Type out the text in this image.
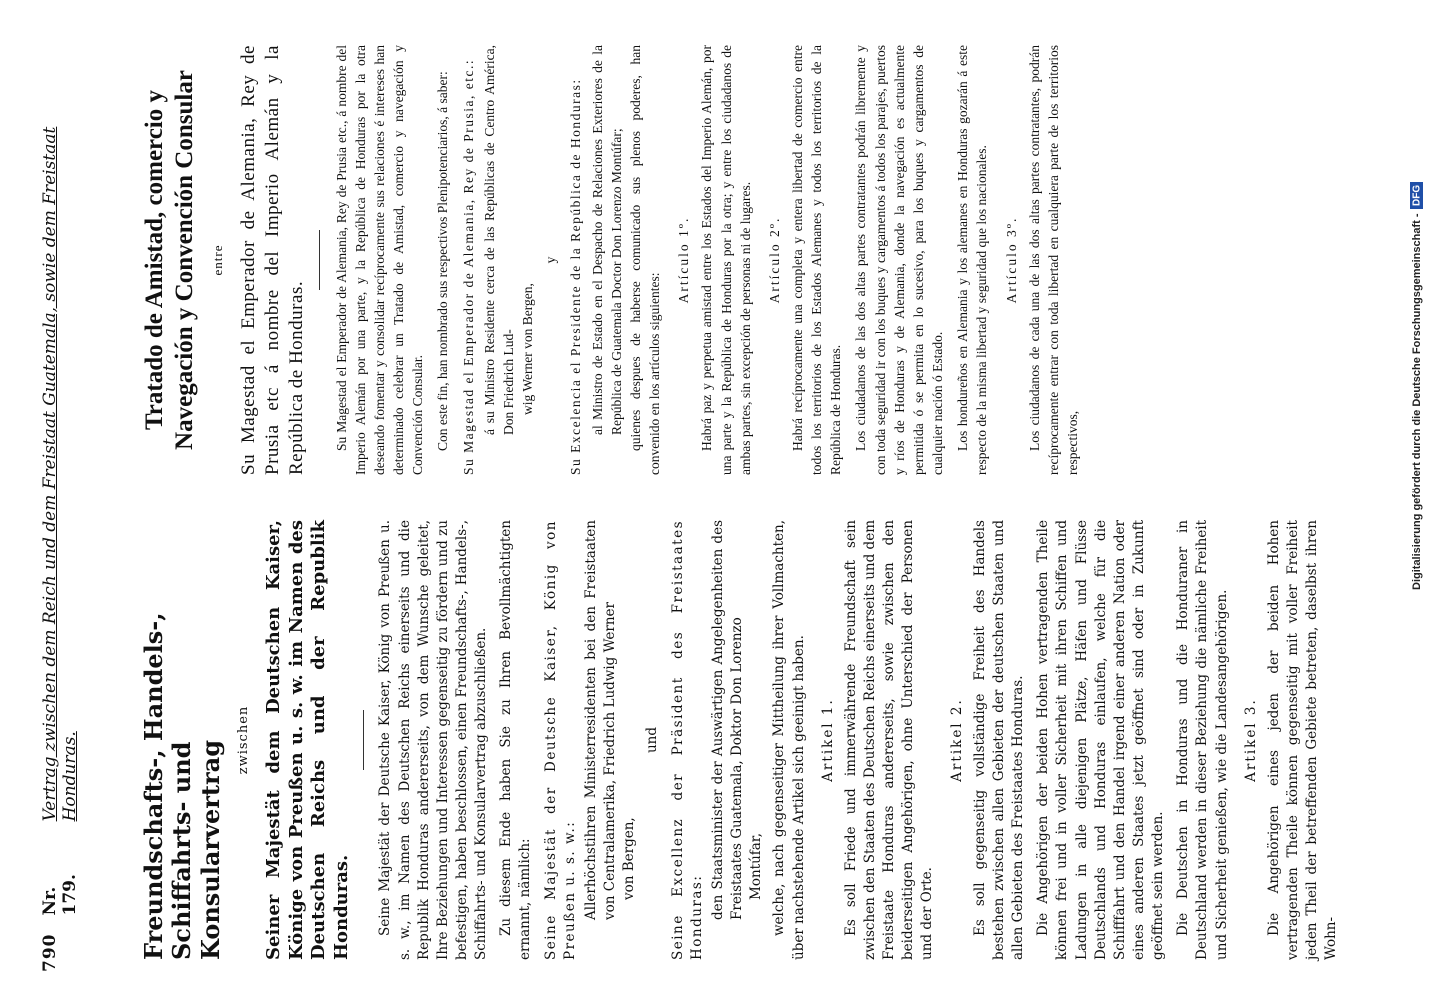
790
Nr. 179.
Vertrag zwischen dem Reich und dem Freistaat Guatemala, sowie dem Freistaat Honduras. Freundschafts-, Handels-, Schiffahrts- und Konsularvertrag
zwischen Seiner Majestät dem Deutschen Kaiser, Könige von Preußen u. s. w. im Namen des Deutschen Reichs und der Republik Honduras. Seine Majestät der Deutsche Kaiser, König von Preußen u. s. w., im Namen des Deutschen Reichs einerseits und die Republik Honduras andererseits, von dem Wunsche geleitet, Ihre Beziehungen und Interessen gegenseitig zu fördern und zu befestigen, haben beschlossen, einen Freundschafts-, Handels-, Schiffahrts- und Konsularvertrag abzuschließen. Zu diesem Ende haben Sie zu Ihren Bevollmächtigten ernannt, nämlich: Seine Majestät der Deutsche Kaiser, König von Preußen u. s. w.: Allerhöchstihren Ministerresidenten bei den Freistaaten von Centralamerika, Friedrich Ludwig Werner von Bergen,

und Seine Excellenz der Präsident des Freistaates Honduras: den Staatsminister der Auswärtigen Angelegenheiten des Freistaates Guatemala, Doktor Don Lorenzo Montúfar, welche, nach gegenseitiger Mittheilung ihrer Vollmachten, über nachstehende Artikel sich geeinigt haben. Artikel 1. Es soll Friede und immerwährende Freundschaft sein zwischen den Staaten des Deutschen Reichs einerseits und dem Freistaate Honduras andererseits, sowie zwischen den beiderseitigen Angehörigen, ohne Unterschied der Personen und der Orte.

Artikel 2. Es soll gegenseitig vollständige Freiheit des Handels bestehen zwischen allen Gebieten der deutschen Staaten und allen Gebieten des Freistaates Honduras. Die Angehörigen der beiden Hohen vertragenden Theile können frei und in voller Sicherheit mit ihren Schiffen und Ladungen in alle diejenigen Plätze, Häfen und Flüsse Deutschlands und Honduras einlaufen, welche für die Schifffahrt und den Handel irgend einer anderen Nation oder eines anderen Staates jetzt geöffnet sind oder in Zukunft geöffnet sein werden. Die Deutschen in Honduras und die Honduraner in Deutschland werden in dieser Beziehung die nämliche Freiheit und Sicherheit genießen, wie die Landesangehörigen. Artikel 3. Die Angehörigen eines jeden der beiden Hohen vertragenden Theile können gegenseitig mit voller Freiheit jeden Theil der betreffenden Gebiete betreten, daselbst ihren Wohn-

Tratado de Amistad, comercio y Navegación y Convención Consular entre Su Magestad el Emperador de Alemania, Rey de Prusia etc á nombre del Imperio Alemán y la República de Honduras. Su Magestad el Emperador de Alemania, Rey de Prusia etc., á nombre del Imperio Alemán por una parte, y la República de Honduras por la otra deseando fomentar y consolidar recíprocamente sus relaciones é intereses han determinado celebrar un Tratado de Amistad, comercio y navegación y Convención Consular. Con este fin, han nombrado sus respectivos Plenipotenciarios, á saber: Su Magestad el Emperador de Alemania, Rey de Prusia, etc.: á su Ministro Residente cerca de las Repúblicas de Centro América, Don Friedrich Lud- wig Werner von Bergen,

y Su Excelencia el Presidente de la República de Honduras: al Ministro de Estado en el Despacho de Relaciones Exteriores de la República de Guatemala Doctor Don Lorenzo Montúfar; quienes despues de haberse comunicado sus plenos poderes, han convenido en los artículos siguientes:

Artículo 1º. Habrá paz y perpetua amistad entre los Estados del Imperio Alemán, por una parte y la República de Honduras por la otra; y entre los ciudadanos de ambas partes, sin excepción de personas ni de lugares. Artículo 2º. Habrá recíprocamente una completa y entera libertad de comercio entre todos los territorios de los Estados Alemanes y todos los territorios de la República de Honduras. Los ciudadanos de las dos altas partes contratantes podrán libremente y con toda seguridad ir con los buques y cargamentos á todos los parajes, puertos y ríos de Honduras y de Alemania, donde la navegación es actualmente permitida ó se permita en lo sucesivo, para los buques y cargamentos de cualquier nación ó Estado. Los hondureños en Alemania y los alemanes en Honduras gozarán á este respecto de la misma libertad y seguridad que los nacionales. Artículo 3º. Los ciudadanos de cada una de las dos altas partes contratantes, podrán recíprocamente entrar con toda libertad en cualquiera parte de los territorios respectivos,	Digitalisierung gefördert durch die Deutsche Forschungsgemeinschaft -
DFG
